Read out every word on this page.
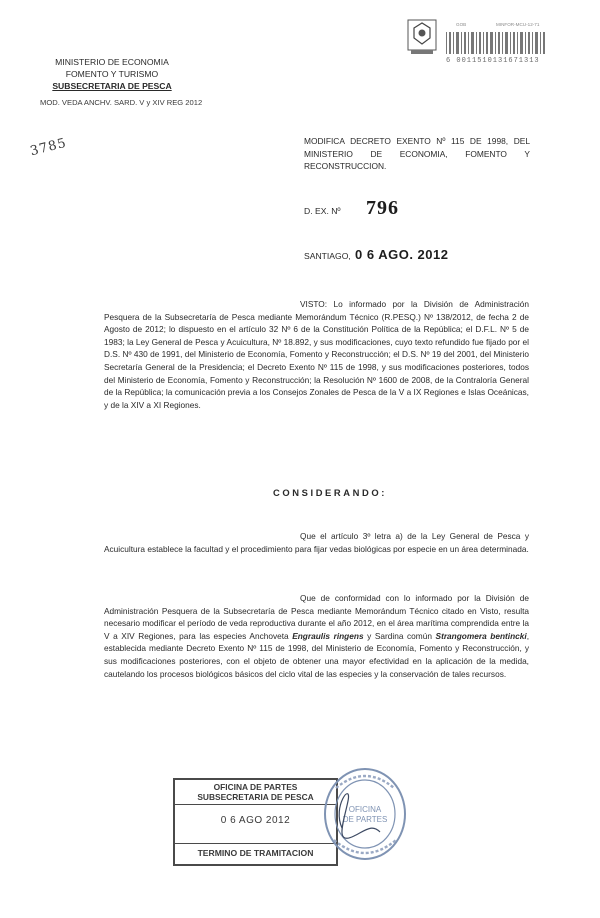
MINISTERIO DE ECONOMIA
FOMENTO Y TURISMO
SUBSECRETARIA DE PESCA
MOD. VEDA ANCHV. SARD. V y XIV REG 2012
3785
GOB	MINFOR-MCU-12-71
6 0011510131671313
MODIFICA DECRETO EXENTO Nº 115 DE 1998, DEL MINISTERIO DE ECONOMIA, FOMENTO Y RECONSTRUCCION.
D. EX. Nº 796
SANTIAGO, 0 6 AGO. 2012
VISTO: Lo informado por la División de Administración Pesquera de la Subsecretaría de Pesca mediante Memorándum Técnico (R.PESQ.) Nº 138/2012, de fecha 2 de Agosto de 2012; lo dispuesto en el artículo 32 Nº 6 de la Constitución Política de la República; el D.F.L. Nº 5 de 1983; la Ley General de Pesca y Acuicultura, Nº 18.892, y sus modificaciones, cuyo texto refundido fue fijado por el D.S. Nº 430 de 1991, del Ministerio de Economía, Fomento y Reconstrucción; el D.S. Nº 19 del 2001, del Ministerio Secretaría General de la Presidencia; el Decreto Exento Nº 115 de 1998, y sus modificaciones posteriores, todos del Ministerio de Economía, Fomento y Reconstrucción; la Resolución Nº 1600 de 2008, de la Contraloría General de la República; la comunicación previa a los Consejos Zonales de Pesca de la V a IX Regiones e Islas Oceánicas, y de la XIV a XI Regiones.
CONSIDERANDO:
Que el artículo 3º letra a) de la Ley General de Pesca y Acuicultura establece la facultad y el procedimiento para fijar vedas biológicas por especie en un área determinada.
Que de conformidad con lo informado por la División de Administración Pesquera de la Subsecretaría de Pesca mediante Memorándum Técnico citado en Visto, resulta necesario modificar el período de veda reproductiva durante el año 2012, en el área marítima comprendida entre la V a XIV Regiones, para las especies Anchoveta Engraulis ringens y Sardina común Strangomera bentincki, establecida mediante Decreto Exento Nº 115 de 1998, del Ministerio de Economía, Fomento y Reconstrucción, y sus modificaciones posteriores, con el objeto de obtener una mayor efectividad en la aplicación de la medida, cautelando los procesos biológicos básicos del ciclo vital de las especies y la conservación de tales recursos.
OFICINA DE PARTES
SUBSECRETARIA DE PESCA
0 6 AGO 2012
TERMINO DE TRAMITACION
OFICINA
DE PARTES
